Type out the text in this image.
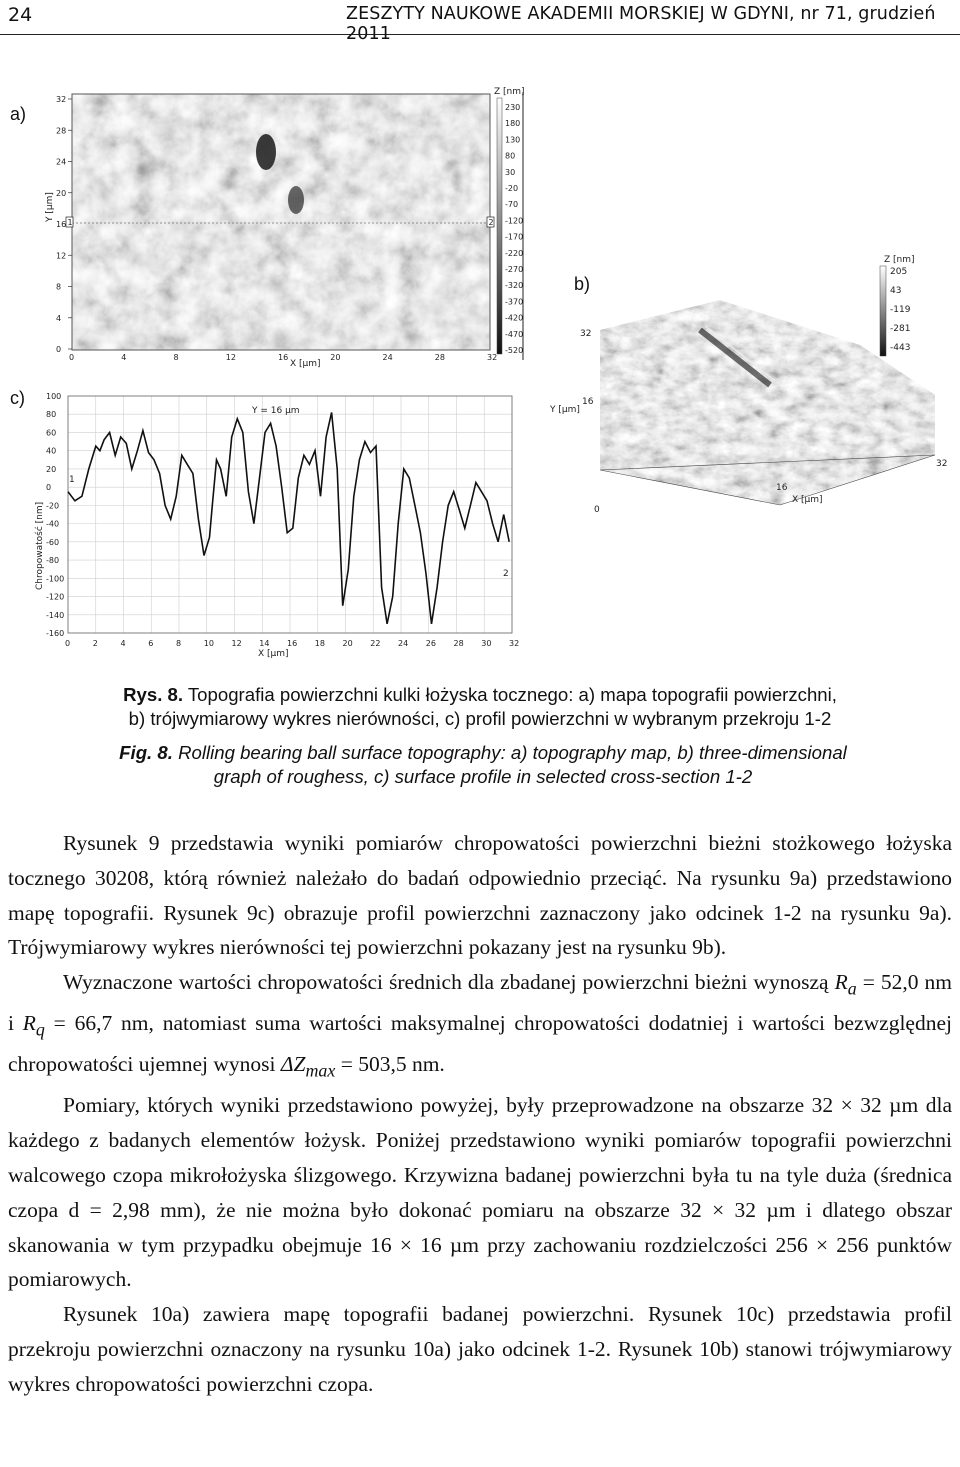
24	ZESZYTY NAUKOWE AKADEMII MORSKIEJ W GDYNI, nr 71, grudzień 2011
a)
b)
c)
32
28
24
20
16
12
8
4
0
0	4	8	12	16	20	24	28	32
Y [µm]
X [µm]
1	2
Z [nm]
230
180
130
80
30
-20
-70
-120
-170
-220
-270
-320
-370
-420
-470
-520
Z [nm]
205
43
-119
-281
-443
Y [µm]
32
16
0
16
32
X [µm]
100
80
60
40
20
0
-20
-40
-60
-80
-100
-120
-140
-160
0	2	4	6	8	10 12 14 16 18 20 22 24 26 28 30 32
Y = 16 µm
Chropowatość [nm]
X [µm]
1
2
Rys. 8. Topografia powierzchni kulki łożyska tocznego: a) mapa topografii powierzchni,
b) trójwymiarowy wykres nierówności, c) profil powierzchni w wybranym przekroju 1-2
Fig. 8. Rolling bearing ball surface topography: a) topography map, b) three-dimensional
graph of roughess, c) surface profile in selected cross-section 1-2

Rysunek 9 przedstawia wyniki pomiarów chropowatości powierzchni bieżni stożkowego łożyska tocznego 30208, którą również należało do badań odpowiednio przeciąć. Na rysunku 9a) przedstawiono mapę topografii. Rysunek 9c) obrazuje profil powierzchni zaznaczony jako odcinek 1-2 na rysunku 9a). Trójwymiarowy wykres nierówności tej powierzchni pokazany jest na rysunku 9b).

Wyznaczone wartości chropowatości średnich dla zbadanej powierzchni bieżni wynoszą $R_a = 52,0$ nm i $R_q = 66,7$ nm, natomiast suma wartości maksymalnej chropowatości dodatniej i wartości bezwzględnej chropowatości ujemnej wynosi $\Delta Z_{max} = 503,5$ nm.

Pomiary, których wyniki przedstawiono powyżej, były przeprowadzone na obszarze 32 × 32 µm dla każdego z badanych elementów łożysk. Poniżej przedstawiono wyniki pomiarów topografii powierzchni walcowego czopa mikrołożyska ślizgowego. Krzywizna badanej powierzchni była tu na tyle duża (średnica czopa d = 2,98 mm), że nie można było dokonać pomiaru na obszarze 32 × 32 µm i dlatego obszar skanowania w tym przypadku obejmuje 16 × 16 µm przy zachowaniu rozdzielczości 256 × 256 punktów pomiarowych.

Rysunek 10a) zawiera mapę topografii badanej powierzchni. Rysunek 10c) przedstawia profil przekroju powierzchni oznaczony na rysunku 10a) jako odcinek 1-2. Rysunek 10b) stanowi trójwymiarowy wykres chropowatości powierzchni czopa.
